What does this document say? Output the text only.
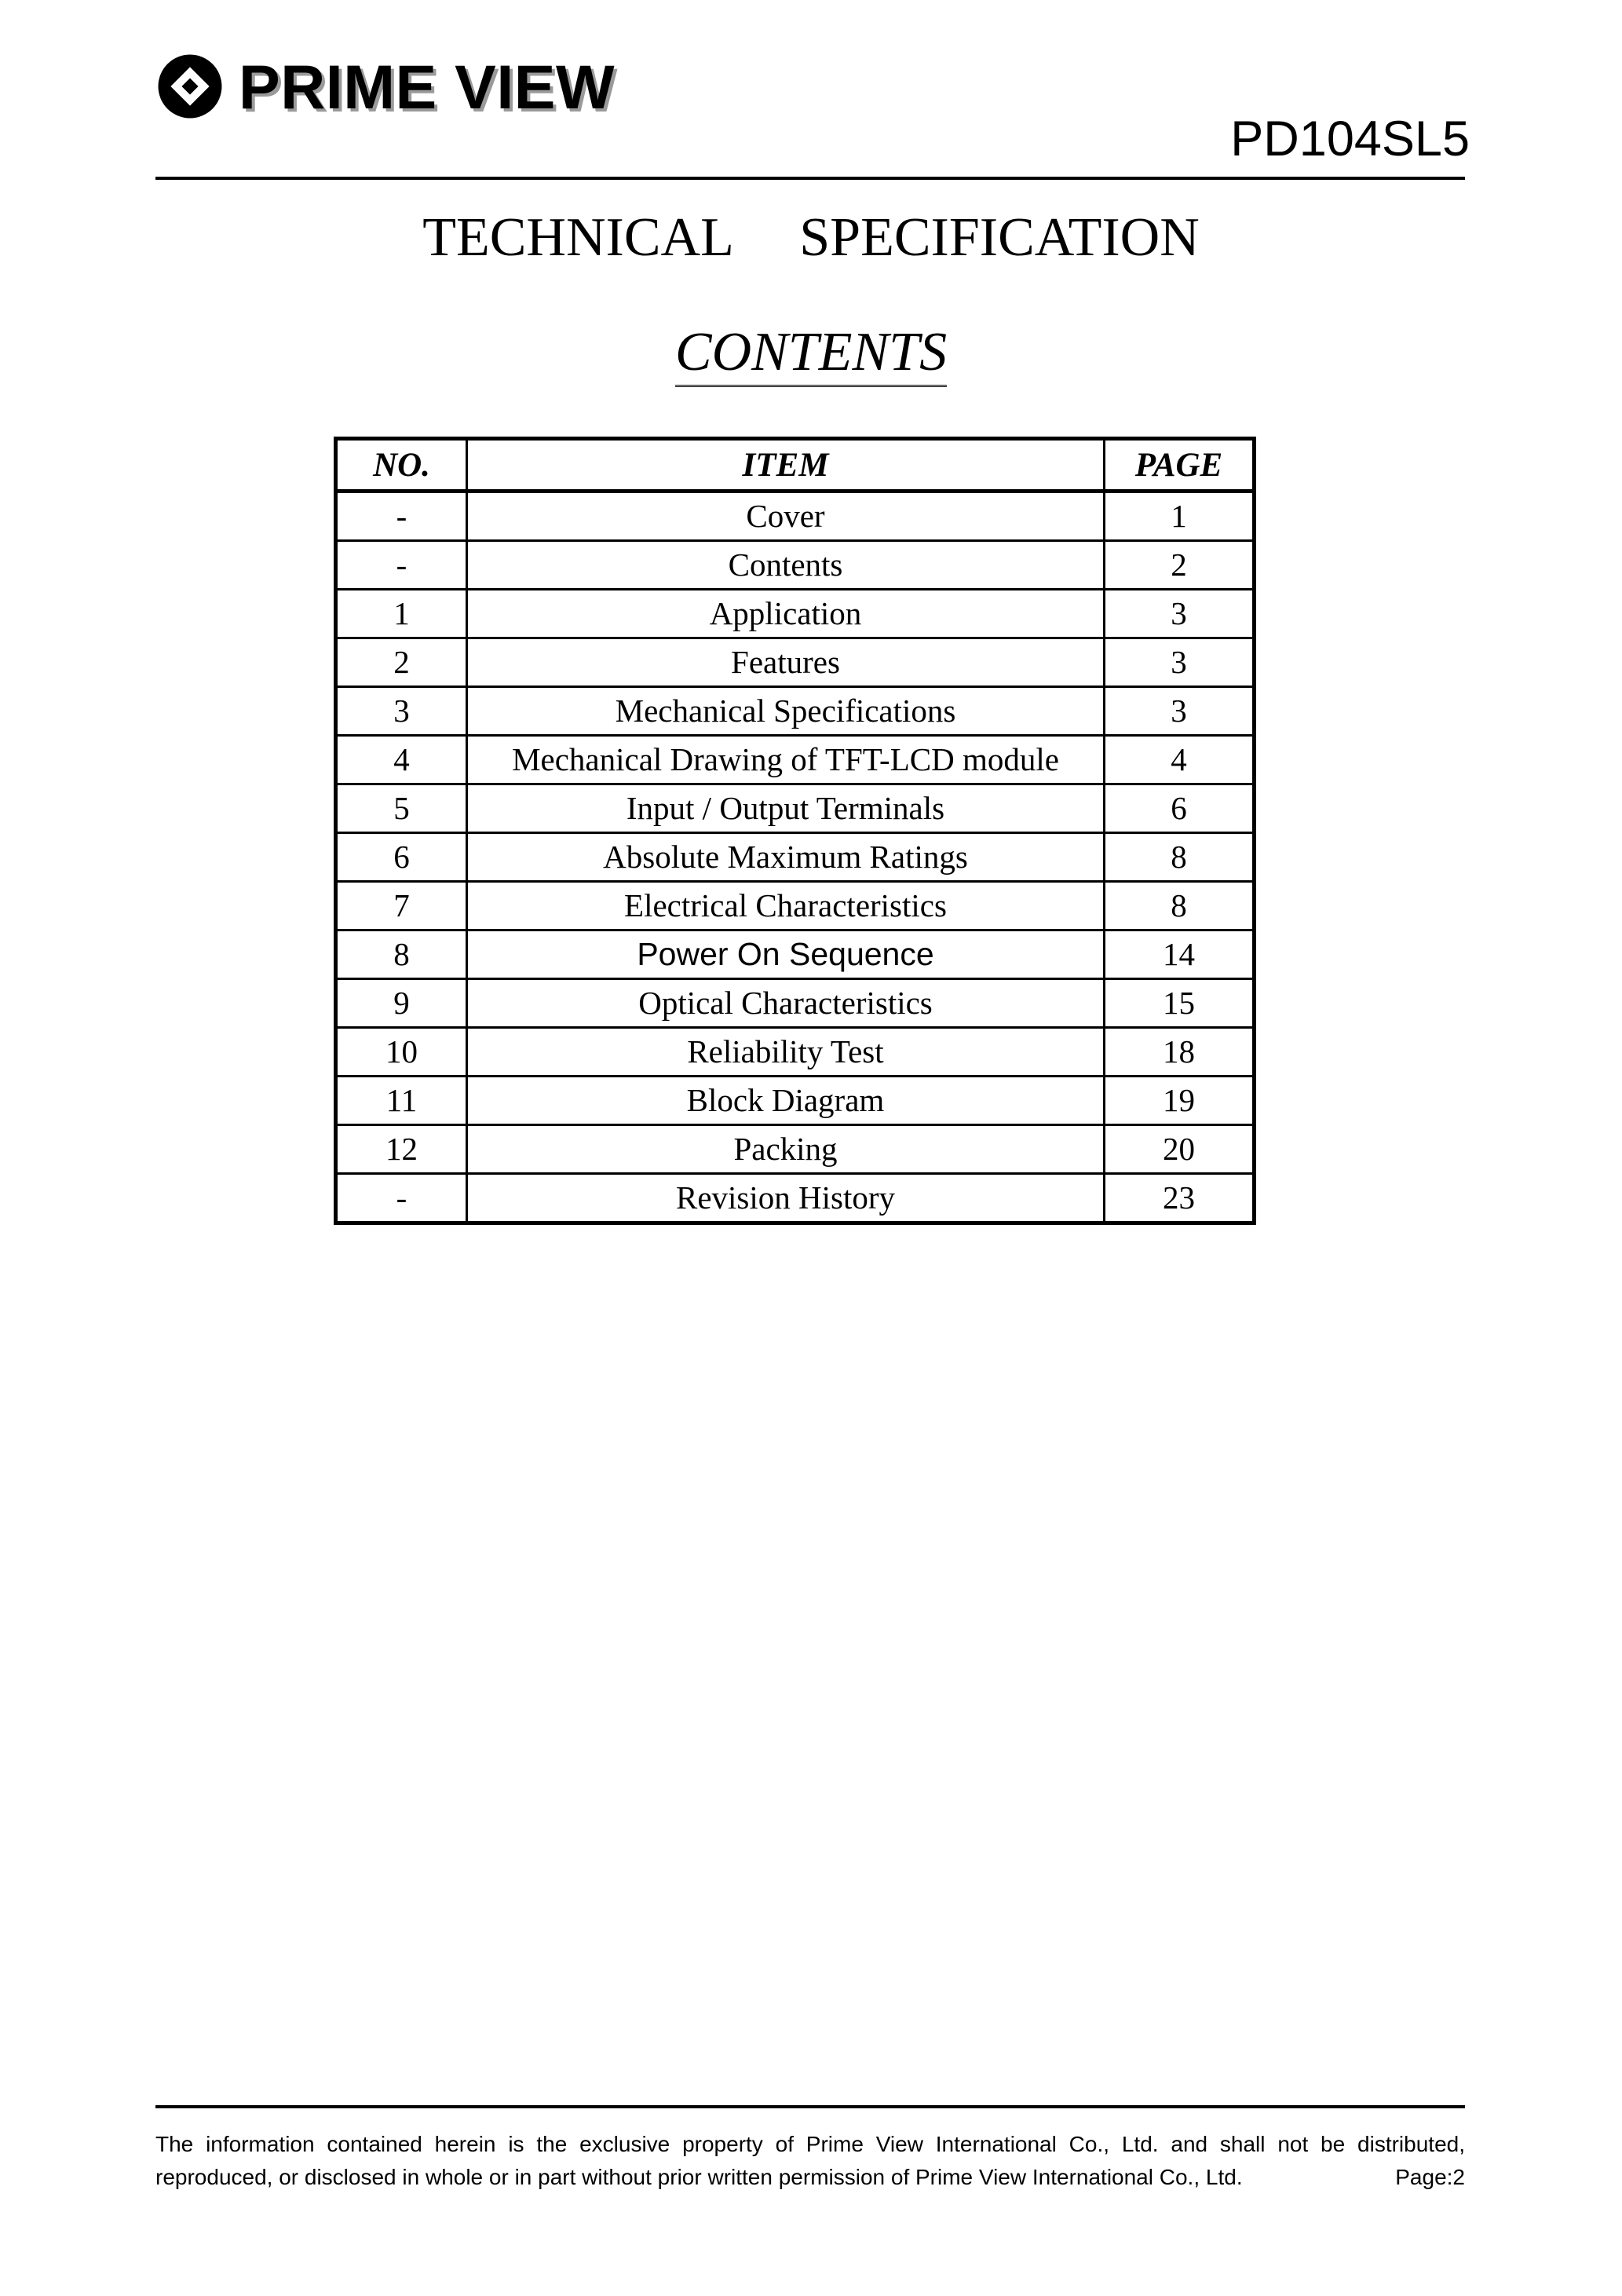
PRIME VIEW
PD104SL5
TECHNICAL    SPECIFICATION
CONTENTS
NO.	ITEM	PAGE
-	Cover	1
-	Contents	2
1	Application	3
2	Features	3
3	Mechanical Specifications	3
4	Mechanical Drawing of TFT-LCD module	4
5	Input / Output Terminals	6
6	Absolute Maximum Ratings	8
7	Electrical Characteristics	8
8	Power On Sequence	14
9	Optical Characteristics	15
10	Reliability Test	18
11	Block Diagram	19
12	Packing	20
-	Revision History	23
The information contained herein is the exclusive property of Prime View International Co., Ltd. and shall not be distributed, reproduced, or disclosed in whole or in part without prior written permission of Prime View International Co., Ltd.	Page:2
